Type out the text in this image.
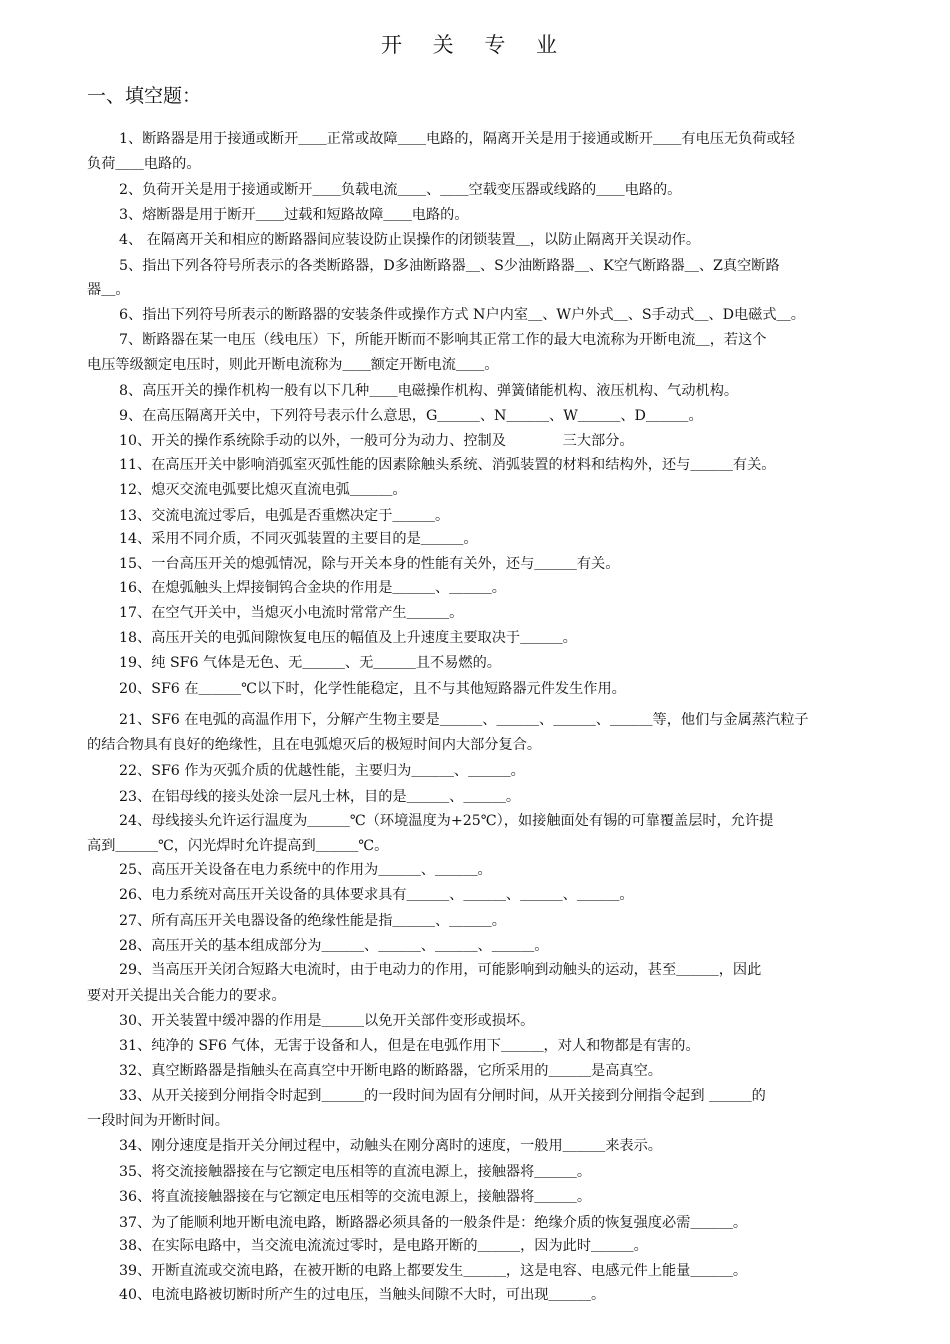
开 关 专 业
一、填空题：
1、断路器是用于接通或断开＿＿正常或故障＿＿电路的，隔离开关是用于接通或断开＿＿有电压无负荷或轻
负荷＿＿电路的。
2、负荷开关是用于接通或断开＿＿负载电流＿＿、＿＿空载变压器或线路的＿＿电路的。
3、熔断器是用于断开＿＿过载和短路故障＿＿电路的。
4、 在隔离开关和相应的断路器间应装设防止误操作的闭锁装置＿，以防止隔离开关误动作。
5、指出下列各符号所表示的各类断路器，D多油断路器＿、S少油断路器＿、K空气断路器＿、Z真空断路
器＿。
6、指出下列符号所表示的断路器的安装条件或操作方式 N户内室＿、W户外式＿、S手动式＿、D电磁式＿。
7、断路器在某一电压（线电压）下，所能开断而不影响其正常工作的最大电流称为开断电流＿，若这个
电压等级额定电压时，则此开断电流称为＿＿额定开断电流＿＿。
8、高压开关的操作机构一般有以下几种＿＿电磁操作机构、弹簧储能机构、液压机构、气动机构。
9、在高压隔离开关中，下列符号表示什么意思，G＿＿＿、N＿＿＿、W＿＿＿、D＿＿＿。
10、开关的操作系统除手动的以外，一般可分为动力、控制及　　　　三大部分。
11、在高压开关中影响消弧室灭弧性能的因素除触头系统、消弧装置的材料和结构外，还与＿＿＿有关。
12、熄灭交流电弧要比熄灭直流电弧＿＿＿。
13、交流电流过零后，电弧是否重燃决定于＿＿＿。
14、采用不同介质，不同灭弧装置的主要目的是＿＿＿。
15、一台高压开关的熄弧情况，除与开关本身的性能有关外，还与＿＿＿有关。
16、在熄弧触头上焊接铜钨合金块的作用是＿＿＿、＿＿＿。
17、在空气开关中，当熄灭小电流时常常产生＿＿＿。
18、高压开关的电弧间隙恢复电压的幅值及上升速度主要取决于＿＿＿。
19、纯 SF6 气体是无色、无＿＿＿、无＿＿＿且不易燃的。
20、SF6 在＿＿＿℃以下时，化学性能稳定，且不与其他短路器元件发生作用。
21、SF6 在电弧的高温作用下，分解产生物主要是＿＿＿、＿＿＿、＿＿＿、＿＿＿等，他们与金属蒸汽粒子
的结合物具有良好的绝缘性，且在电弧熄灭后的极短时间内大部分复合。
22、SF6 作为灭弧介质的优越性能，主要归为＿＿＿、＿＿＿。
23、在铝母线的接头处涂一层凡士林，目的是＿＿＿、＿＿＿。
24、母线接头允许运行温度为＿＿＿℃（环境温度为+25℃），如接触面处有锡的可靠覆盖层时，允许提
高到＿＿＿℃，闪光焊时允许提高到＿＿＿℃。
25、高压开关设备在电力系统中的作用为＿＿＿、＿＿＿。
26、电力系统对高压开关设备的具体要求具有＿＿＿、＿＿＿、＿＿＿、＿＿＿。
27、所有高压开关电器设备的绝缘性能是指＿＿＿、＿＿＿。
28、高压开关的基本组成部分为＿＿＿、＿＿＿、＿＿＿、＿＿＿。
29、当高压开关闭合短路大电流时，由于电动力的作用，可能影响到动触头的运动，甚至＿＿＿，因此
要对开关提出关合能力的要求。
30、开关装置中缓冲器的作用是＿＿＿以免开关部件变形或损坏。
31、纯净的 SF6 气体，无害于设备和人，但是在电弧作用下＿＿＿，对人和物都是有害的。
32、真空断路器是指触头在高真空中开断电路的断路器，它所采用的＿＿＿是高真空。
33、从开关接到分闸指令时起到＿＿＿的一段时间为固有分闸时间，从开关接到分闸指令起到 ＿＿＿的
一段时间为开断时间。
34、刚分速度是指开关分闸过程中，动触头在刚分离时的速度，一般用＿＿＿来表示。
35、将交流接触器接在与它额定电压相等的直流电源上，接触器将＿＿＿。
36、将直流接触器接在与它额定电压相等的交流电源上，接触器将＿＿＿。
37、为了能顺利地开断电流电路，断路器必须具备的一般条件是：绝缘介质的恢复强度必需＿＿＿。
38、在实际电路中，当交流电流流过零时，是电路开断的＿＿＿，因为此时＿＿＿。
39、开断直流或交流电路，在被开断的电路上都要发生＿＿＿，这是电容、电感元件上能量＿＿＿。
40、电流电路被切断时所产生的过电压，当触头间隙不大时，可出现＿＿＿。
